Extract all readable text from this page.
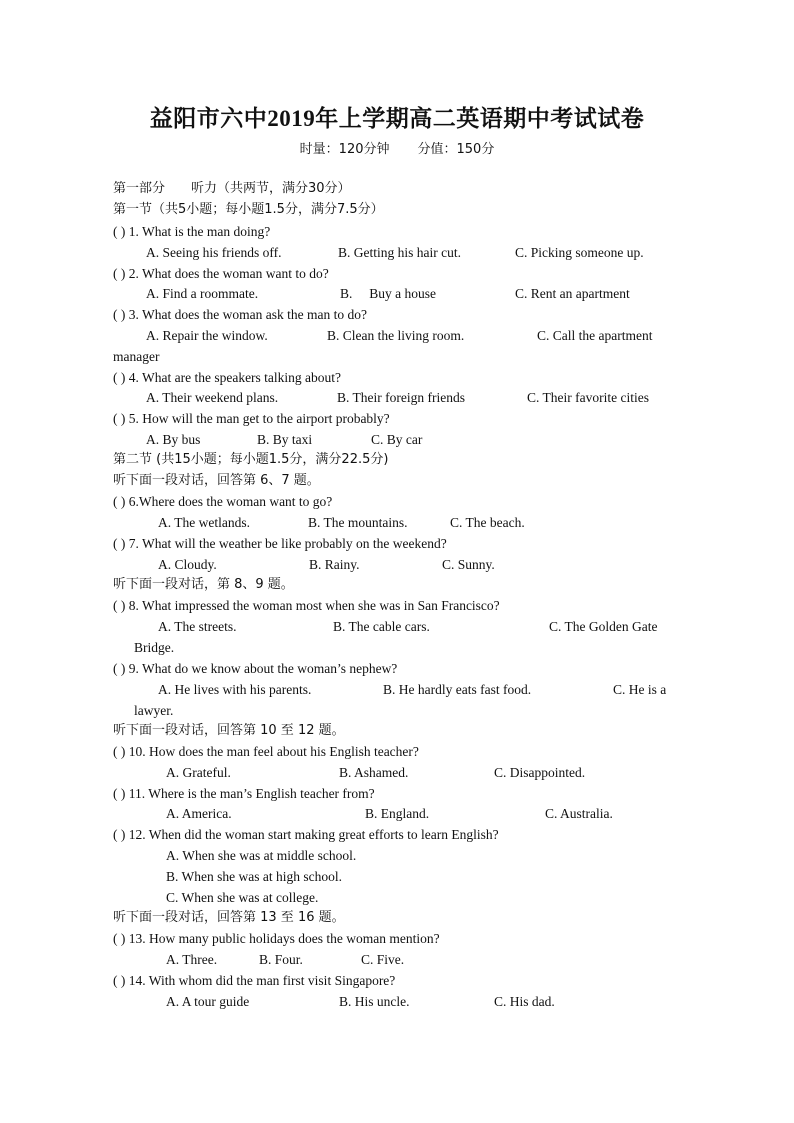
益阳市六中2019年上学期高二英语期中考试试卷
时量：120分钟 分值：150分
第一部分　　听力（共两节，满分30分）
第一节（共5小题；每小题1.5分，满分7.5分）
( ) 1. What is the man doing?
A. Seeing his friends off.	B. Getting his hair cut.	C. Picking someone up.
( ) 2. What does the woman want to do?
A. Find a roommate.	B.　 Buy a house	C. Rent an apartment
( ) 3. What does the woman ask the man to do?
A. Repair the window.	B. Clean the living room.	C. Call the apartment
manager
( ) 4. What are the speakers talking about?
A. Their weekend plans.	B. Their foreign friends	C. Their favorite cities
( ) 5. How will the man get to the airport probably?
A. By bus	B. By taxi	C. By car
第二节 (共15小题；每小题1.5分，满分22.5分)
听下面一段对话，回答第 6、7 题。
( ) 6.Where does the woman want to go?
A. The wetlands.	B. The mountains.	C. The beach.
( ) 7. What will the weather be like probably on the weekend?
A. Cloudy.	B. Rainy.	C. Sunny.
听下面一段对话，第 8、9 题。
( ) 8. What impressed the woman most when she was in San Francisco?
A. The streets.	B. The cable cars.	C. The Golden Gate
Bridge.
( ) 9. What do we know about the woman’s nephew?
A. He lives with his parents.	B. He hardly eats fast food.	C. He is a
lawyer.
听下面一段对话，回答第 10 至 12 题。
( ) 10. How does the man feel about his English teacher?
A. Grateful.	B. Ashamed.	C. Disappointed.
( ) 11. Where is the man’s English teacher from?
A. America.	B. England.	C. Australia.
( ) 12. When did the woman start making great efforts to learn English?
A. When she was at middle school.
B. When she was at high school.
C. When she was at college.
听下面一段对话，回答第 13 至 16 题。
( ) 13. How many public holidays does the woman mention?
A. Three.	B. Four.	C. Five.
( ) 14. With whom did the man first visit Singapore?
A. A tour guide	B. His uncle.	C. His dad.
